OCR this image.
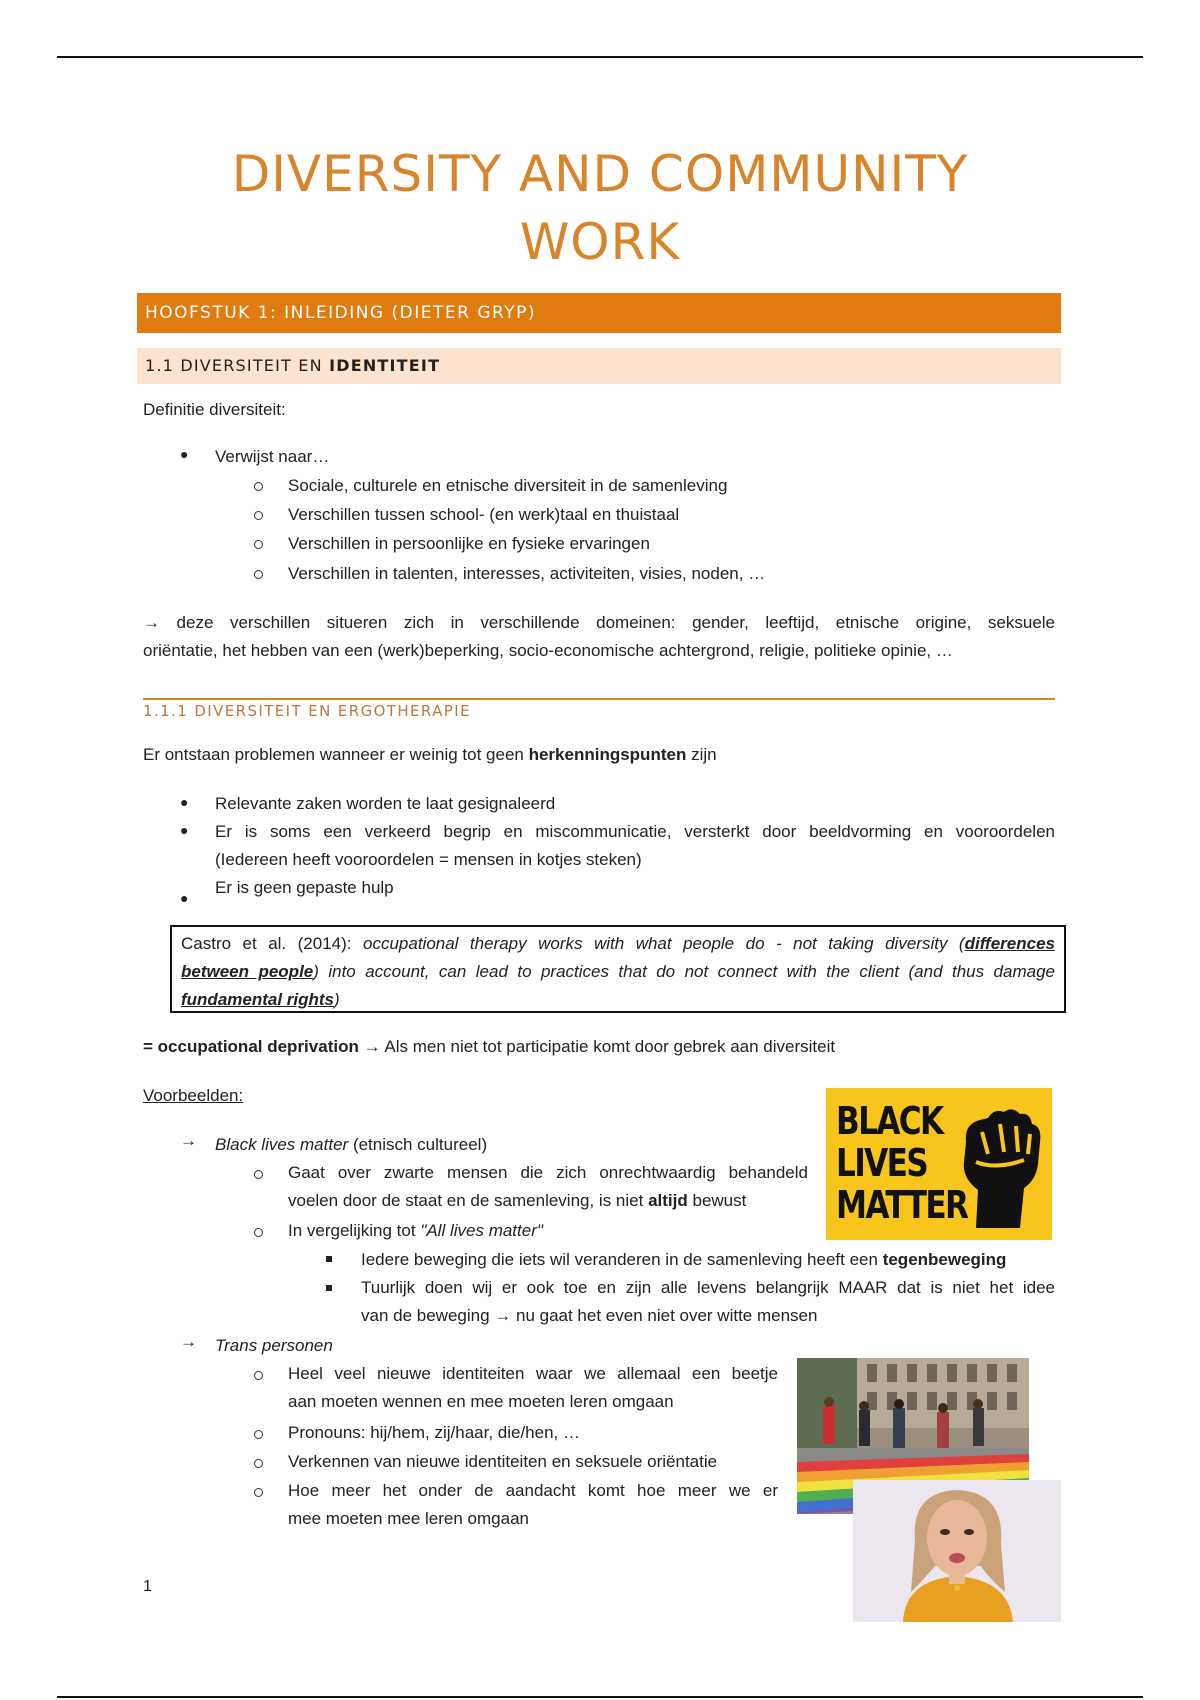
DIVERSITY AND COMMUNITY
WORK
HOOFSTUK 1: INLEIDING (DIETER GRYP)
1.1 DIVERSITEIT EN IDENTITEIT
Definitie diversiteit:
● Verwijst naar…
Sociale, culturele en etnische diversiteit in de samenleving
Verschillen tussen school- (en werk)taal en thuistaal
Verschillen in persoonlijke en fysieke ervaringen
Verschillen in talenten, interesses, activiteiten, visies, noden, …
→ deze verschillen situeren zich in verschillende domeinen: gender, leeftijd, etnische origine, seksuele
oriëntatie, het hebben van een (werk)beperking, socio-economische achtergrond, religie, politieke opinie, …
1.1.1 DIVERSITEIT EN ERGOTHERAPIE
Er ontstaan problemen wanneer er weinig tot geen herkenningspunten zijn
● Relevante zaken worden te laat gesignaleerd
● Er is soms een verkeerd begrip en miscommunicatie, versterkt door beeldvorming en vooroordelen
(Iedereen heeft vooroordelen = mensen in kotjes steken)
●
Er is geen gepaste hulp
Castro et al. (2014): occupational therapy works with what people do - not taking diversity (differences
between people) into account, can lead to practices that do not connect with the client (and thus damage
fundamental rights)
= occupational deprivation → Als men niet tot participatie komt door gebrek aan diversiteit
Voorbeelden:
→ Black lives matter (etnisch cultureel)
Gaat over zwarte mensen die zich onrechtwaardig behandeld
voelen door de staat en de samenleving, is niet altijd bewust
In vergelijking tot "All lives matter"
Iedere beweging die iets wil veranderen in de samenleving heeft een tegenbeweging
Tuurlijk doen wij er ook toe en zijn alle levens belangrijk MAAR dat is niet het idee
van de beweging → nu gaat het even niet over witte mensen
BLACK
LIVES
MATTER
→ Trans personen
Heel veel nieuwe identiteiten waar we allemaal een beetje
aan moeten wennen en mee moeten leren omgaan
Pronouns: hij/hem, zij/haar, die/hen, …
Verkennen van nieuwe identiteiten en seksuele oriëntatie
Hoe meer het onder de aandacht komt hoe meer we er
mee moeten mee leren omgaan
1
